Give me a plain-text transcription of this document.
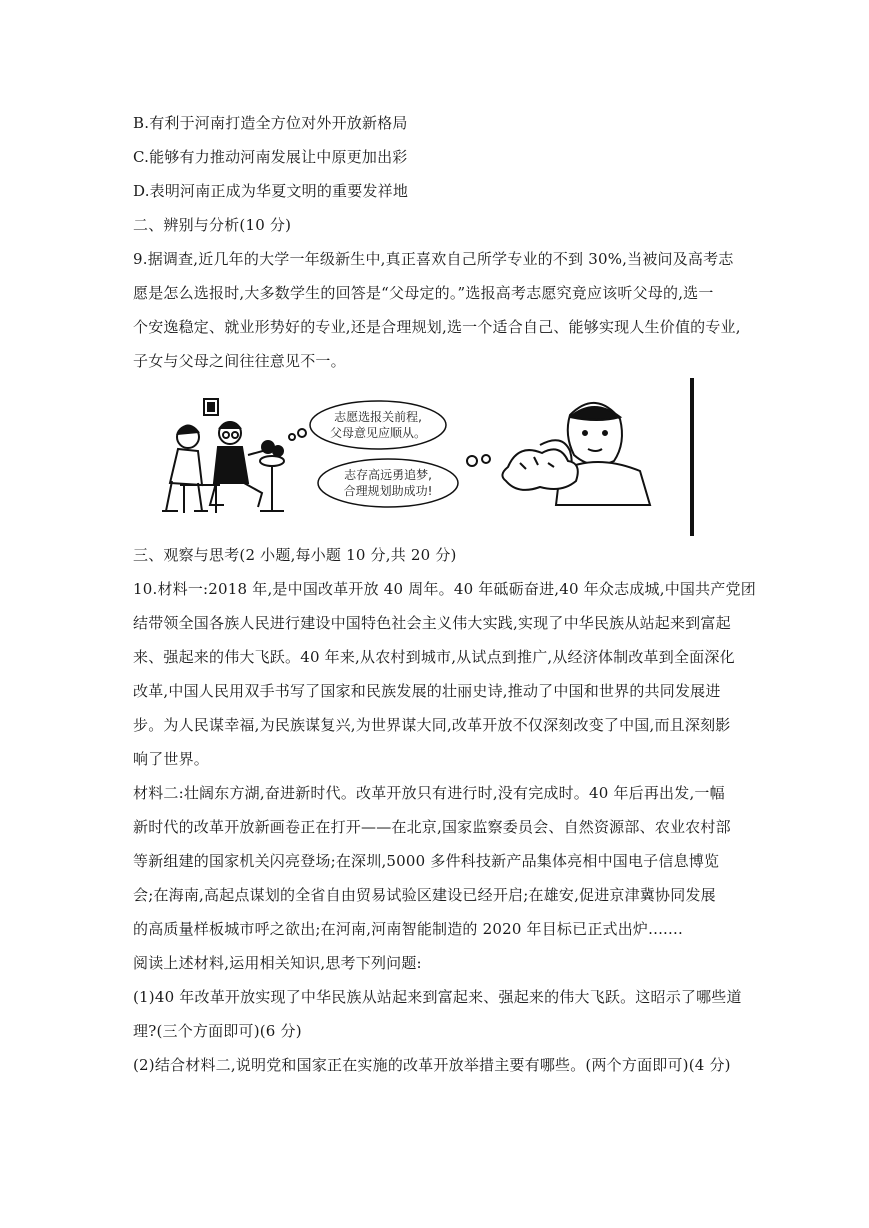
B.有利于河南打造全方位对外开放新格局
C.能够有力推动河南发展让中原更加出彩
D.表明河南正成为华夏文明的重要发祥地
二、辨别与分析(10 分)
9.据调查,近几年的大学一年级新生中,真正喜欢自己所学专业的不到 30%,当被问及高考志
愿是怎么选报时,大多数学生的回答是“父母定的。”选报高考志愿究竟应该听父母的,选一
个安逸稳定、就业形势好的专业,还是合理规划,选一个适合自己、能够实现人生价值的专业,
子女与父母之间往往意见不一。
志愿选报关前程,
父母意见应顺从。
志存高远勇追梦,
合理规划助成功!
三、观察与思考(2 小题,每小题 10 分,共 20 分)
10.材料一:2018 年,是中国改革开放 40 周年。40 年砥砺奋进,40 年众志成城,中国共产党团
结带领全国各族人民进行建设中国特色社会主义伟大实践,实现了中华民族从站起来到富起
来、强起来的伟大飞跃。40 年来,从农村到城市,从试点到推广,从经济体制改革到全面深化
改革,中国人民用双手书写了国家和民族发展的壮丽史诗,推动了中国和世界的共同发展进
步。为人民谋幸福,为民族谋复兴,为世界谋大同,改革开放不仅深刻改变了中国,而且深刻影
响了世界。
材料二:壮阔东方湖,奋进新时代。改革开放只有进行时,没有完成时。40 年后再出发,一幅
新时代的改革开放新画卷正在打开——在北京,国家监察委员会、自然资源部、农业农村部
等新组建的国家机关闪亮登场;在深圳,5000 多件科技新产品集体亮相中国电子信息博览
会;在海南,高起点谋划的全省自由贸易试验区建设已经开启;在雄安,促进京津冀协同发展
的高质量样板城市呼之欲出;在河南,河南智能制造的 2020 年目标已正式出炉.......
阅读上述材料,运用相关知识,思考下列问题:
(1)40 年改革开放实现了中华民族从站起来到富起来、强起来的伟大飞跃。这昭示了哪些道
理?(三个方面即可)(6 分)
(2)结合材料二,说明党和国家正在实施的改革开放举措主要有哪些。(两个方面即可)(4 分)
